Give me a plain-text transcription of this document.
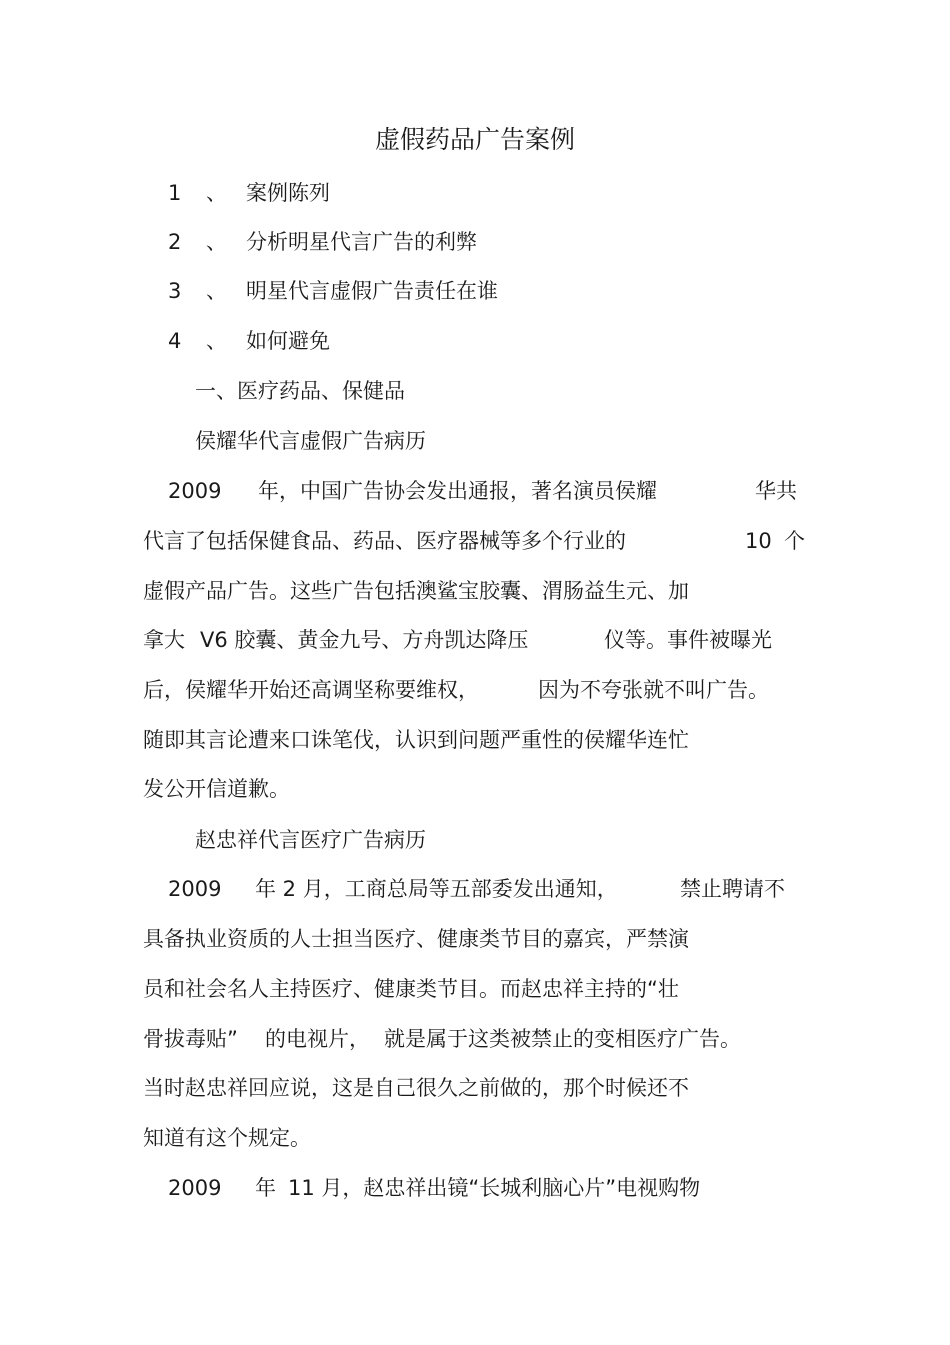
虚假药品广告案例
1 、 案例陈列
2 、 分析明星代言广告的利弊
3 、 明星代言虚假广告责任在谁
4 、 如何避免
一、医疗药品、保健品
侯耀华代言虚假广告病历
2009 年，中国广告协会发出通报，著名演员侯耀	华共
代言了包括保健食品、药品、医疗器械等多个行业的	10 个
虚假产品广告。这些广告包括澳鲨宝胶囊、渭肠益生元、加
拿大 V6 胶囊、黄金九号、方舟凯达降压	仪等。事件被曝光
后，侯耀华开始还高调坚称要维权，	因为不夸张就不叫广告。
随即其言论遭来口诛笔伐，认识到问题严重性的侯耀华连忙
发公开信道歉。
赵忠祥代言医疗广告病历
2009 年 2 月，工商总局等五部委发出通知，	禁止聘请不
具备执业资质的人士担当医疗、健康类节目的嘉宾，严禁演
员和社会名人主持医疗、健康类节目。而赵忠祥主持的“壮
骨拔毒贴” 的电视片， 就是属于这类被禁止的变相医疗广告。
当时赵忠祥回应说，这是自己很久之前做的，那个时候还不
知道有这个规定。
2009 年 11 月，赵忠祥出镜“长城利脑心片”电视购物
